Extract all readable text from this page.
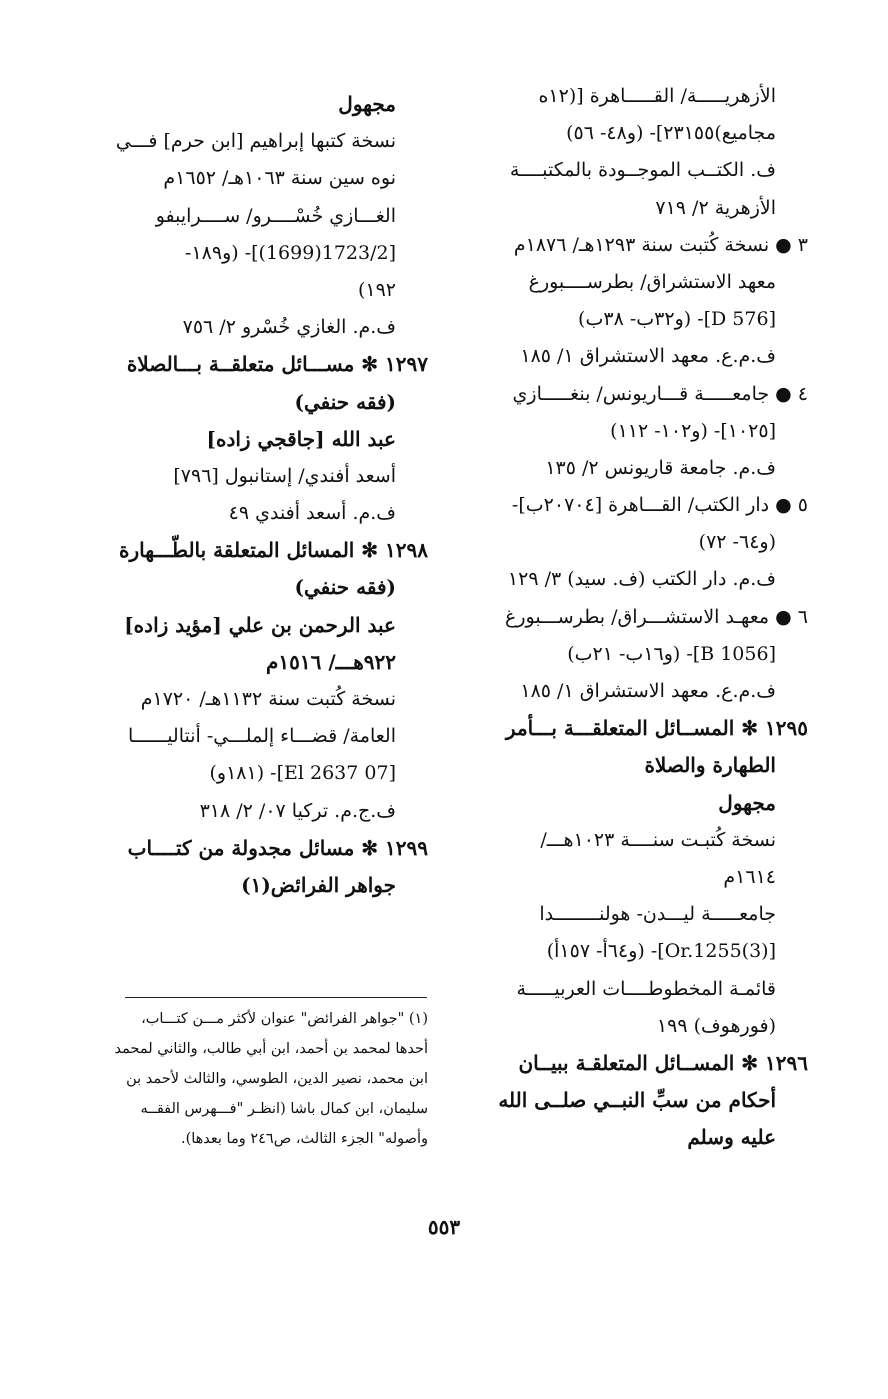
الأزهريـــــة/ القـــــاهرة [(١٢ه
مجاميع)٢٣١٥٥]- (و٤٨- ٥٦)
ف. الكتــب الموجــودة بالمكتبــــة
الأزهرية ٢/ ٧١٩
٣ ● نسخة كُتبت سنة ١٢٩٣هـ/ ١٨٧٦م
معهد الاستشراق/ بطرســــبورغ
[D 576]- (و٣٢ب- ٣٨ب)
ف.م.ع. معهد الاستشراق ١/ ١٨٥
٤ ● جامعـــــة قـــاريونس/ بنغـــــازي
[١٠٢٥]- (و١٠٢- ١١٢)
ف.م. جامعة قاريونس ٢/ ١٣٥
٥ ● دار الكتب/ القـــاهرة [٢٠٧٠٤ب]-
(و٦٤- ٧٢)
ف.م. دار الكتب (ف. سيد) ٣/ ١٢٩
٦ ● معهـد الاستشـــراق/ بطرســـبورغ
[B 1056]- (و١٦ب- ٢١ب)
ف.م.ع. معهد الاستشراق ١/ ١٨٥
١٢٩٥ ✻ المســائل المتعلقـــة بـــأمر
الطهارة والصلاة
مجهول
نسخة كُتبـت سنــــة ١٠٢٣هـــ/
١٦١٤م
جامعـــــة ليـــدن- هولنــــــــدا
[Or.1255(3)]- (و٦٤أ- ١٥٧أ)
قائمـة المخطوطــــات العربيـــــة
(فورهوف) ١٩٩
١٢٩٦ ✻ المســائل المتعلقـة ببيــان
أحكام من سبِّ النبــي صلــى الله
عليه وسلم
مجهول
نسخة كتبها إبراهيم [ابن حرم] فـــي
نوه سين سنة ١٠٦٣هـ/ ١٦٥٢م
الغـــازي خُسْــــرو/ ســــرايبفو
[1723/2(1699)]- (و١٨٩-
١٩٢)
ف.م. الغازي خُسْرو ٢/ ٧٥٦
١٢٩٧ ✻ مســـائل متعلقــة بـــالصلاة
(فقه حنفي)
عبد الله [جاقجي زاده]
أسعد أفندي/ إستانبول [٧٩٦]
ف.م. أسعد أفندي ٤٩
١٢٩٨ ✻ المسائل المتعلقة بالطّـــهارة
(فقه حنفي)
عبد الرحمن بن علي [مؤيد زاده]
٩٢٢هـــ/ ١٥١٦م
نسخة كُتبت سنة ١١٣٢هـ/ ١٧٢٠م
العامة/ قضـــاء إلملـــي- أنتاليــــــا
[07 El 2637]- (١٨١و)
ف.ج.م. تركيا ٠٧/ ٢/ ٣١٨
١٢٩٩ ✻ مسائل مجدولة من كتــــاب
جواهر الفرائض(١)
(١) "جواهر الفرائض" عنوان لأكثر مـــن كتـــاب،
أحدها لمحمد بن أحمد، ابن أبي طالب، والثاني لمحمد
ابن محمد، نصير الدين، الطوسي، والثالث لأحمد بن
سليمان، ابن كمال باشا (انظـر "فـــهرس الفقــه
وأصوله" الجزء الثالث، ص٢٤٦ وما بعدها).
٥٥٣
